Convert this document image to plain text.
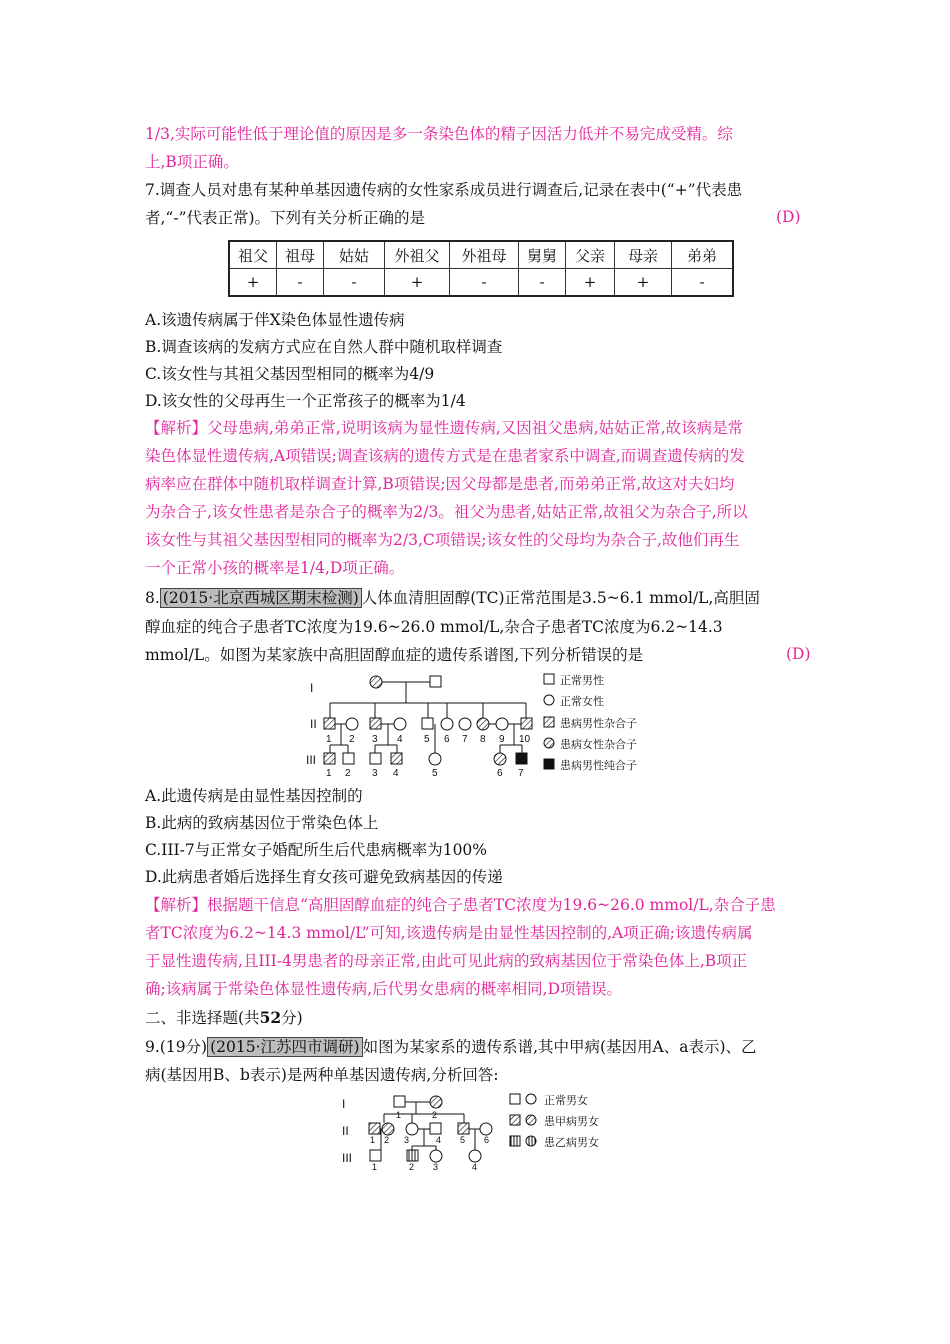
1/3,实际可能性低于理论值的原因是多一条染色体的精子因活力低并不易完成受精。综
上,B项正确。
7.调查人员对患有某种单基因遗传病的女性家系成员进行调查后,记录在表中(“+”代表患
者,“-”代表正常)。下列有关分析正确的是	(D)
祖父	祖母	姑姑	外祖父	外祖母	舅舅	父亲	母亲	弟弟
+	-	-	+	-	-	+	+	-
A.该遗传病属于伴X染色体显性遗传病
B.调查该病的发病方式应在自然人群中随机取样调查
C.该女性与其祖父基因型相同的概率为4/9
D.该女性的父母再生一个正常孩子的概率为1/4
【解析】父母患病,弟弟正常,说明该病为显性遗传病,又因祖父患病,姑姑正常,故该病是常
染色体显性遗传病,A项错误;调查该病的遗传方式是在患者家系中调查,而调查遗传病的发
病率应在群体中随机取样调查计算,B项错误;因父母都是患者,而弟弟正常,故这对夫妇均
为杂合子,该女性患者是杂合子的概率为2/3。祖父为患者,姑姑正常,故祖父为杂合子,所以
该女性与其祖父基因型相同的概率为2/3,C项错误;该女性的父母均为杂合子,故他们再生
一个正常小孩的概率是1/4,D项正确。
8. (2015·北京西城区期末检测) 人体血清胆固醇(TC)正常范围是3.5~6.1 mmol/L,高胆固
醇血症的纯合子患者TC浓度为19.6~26.0 mmol/L,杂合子患者TC浓度为6.2~14.3
mmol/L。如图为某家族中高胆固醇血症的遗传系谱图,下列分析错误的是	(D)
I
II
1 2 3 4 5 6 7 8 9 10
III
1 2 3 4	5	6 7
正常男性
正常女性
患病男性杂合子
患病女性杂合子
患病男性纯合子
A.此遗传病是由显性基因控制的
B.此病的致病基因位于常染色体上
C.III-7与正常女子婚配所生后代患病概率为100%
D.此病患者婚后选择生育女孩可避免致病基因的传递
【解析】根据题干信息“高胆固醇血症的纯合子患者TC浓度为19.6~26.0 mmol/L,杂合子患
者TC浓度为6.2~14.3 mmol/L”可知,该遗传病是由显性基因控制的,A项正确;该遗传病属
于显性遗传病,且III-4男患者的母亲正常,由此可见此病的致病基因位于常染色体上,B项正
确;该病属于常染色体显性遗传病,后代男女患病的概率相同,D项错误。
二、非选择题(共52分)
9.(19分) (2015·江苏四市调研) 如图为某家系的遗传系谱,其中甲病(基因用A、a表示)、乙
病(基因用B、b表示)是两种单基因遗传病,分析回答:
I
1	2
II
1 2 3	4 5 6
III
1	2 3	4
正常男女
患甲病男女
患乙病男女
